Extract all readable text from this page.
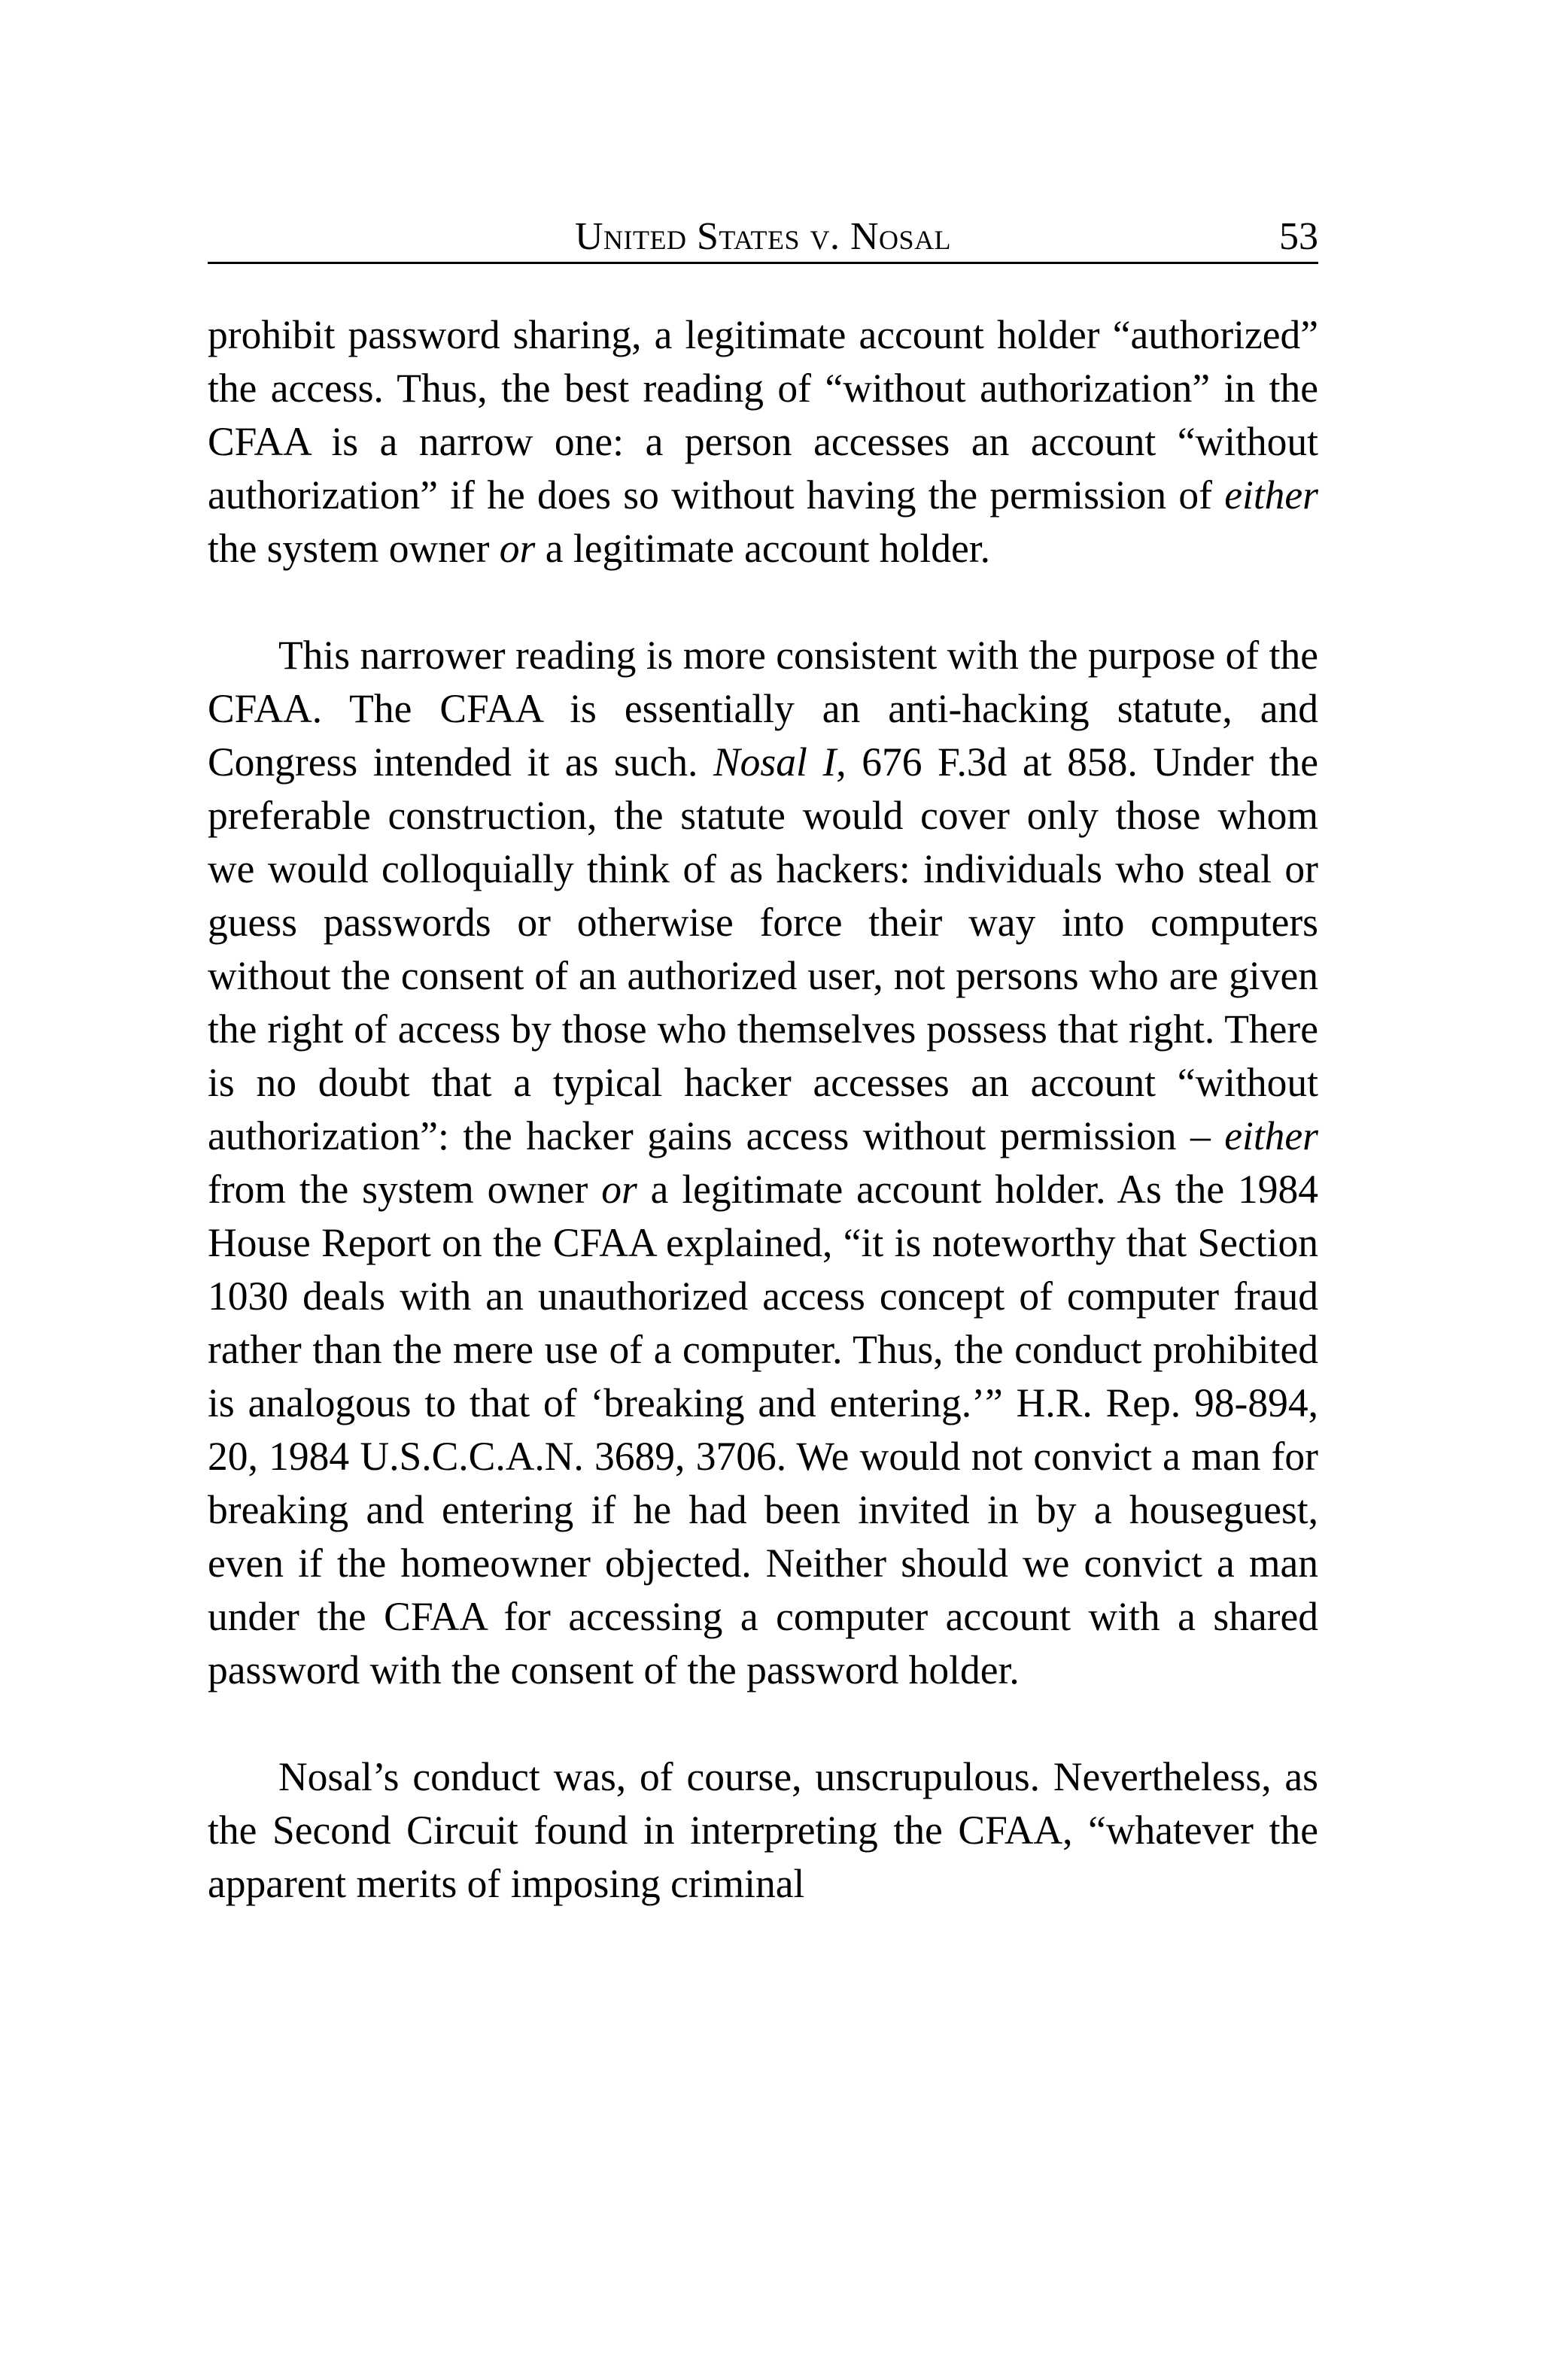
United States v. Nosal	53

prohibit password sharing, a legitimate account holder “authorized” the access. Thus, the best reading of “without authorization” in the CFAA is a narrow one: a person accesses an account “without authorization” if he does so without having the permission of either the system owner or a legitimate account holder.

This narrower reading is more consistent with the purpose of the CFAA. The CFAA is essentially an anti-hacking statute, and Congress intended it as such. Nosal I, 676 F.3d at 858. Under the preferable construction, the statute would cover only those whom we would colloquially think of as hackers: individuals who steal or guess passwords or otherwise force their way into computers without the consent of an authorized user, not persons who are given the right of access by those who themselves possess that right. There is no doubt that a typical hacker accesses an account “without authorization”: the hacker gains access without permission – either from the system owner or a legitimate account holder. As the 1984 House Report on the CFAA explained, “it is noteworthy that Section 1030 deals with an unauthorized access concept of computer fraud rather than the mere use of a computer. Thus, the conduct prohibited is analogous to that of ‘breaking and entering.’” H.R. Rep. 98-894, 20, 1984 U.S.C.C.A.N. 3689, 3706. We would not convict a man for breaking and entering if he had been invited in by a houseguest, even if the homeowner objected. Neither should we convict a man under the CFAA for accessing a computer account with a shared password with the consent of the password holder.

Nosal’s conduct was, of course, unscrupulous. Nevertheless, as the Second Circuit found in interpreting the CFAA, “whatever the apparent merits of imposing criminal
